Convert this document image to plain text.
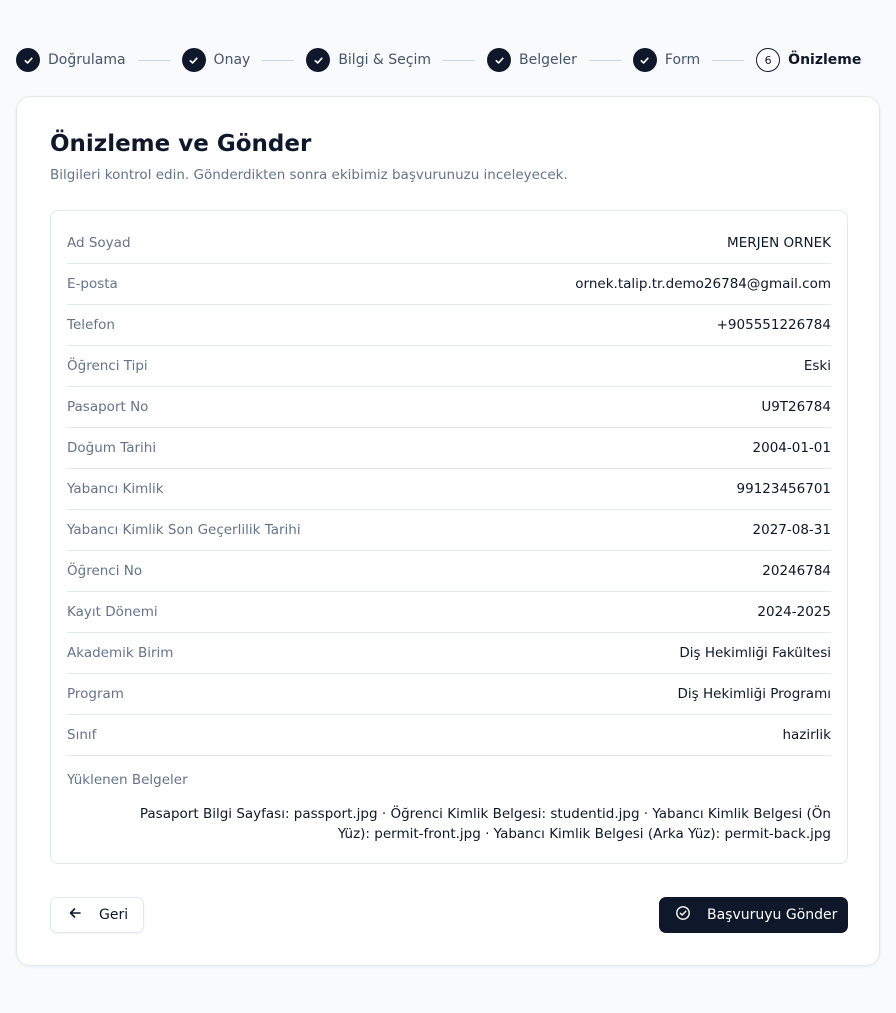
Doğrulama	Onay	Bilgi & Seçim	Belgeler	Form	6	Önizleme
Önizleme ve Gönder

Bilgileri kontrol edin. Gönderdikten sonra ekibimiz başvurunuzu inceleyecek.

Ad Soyad	MERJEN ORNEK
E-posta	ornek.talip.tr.demo26784@gmail.com
Telefon	+905551226784
Öğrenci Tipi	Eski
Pasaport No	U9T26784
Doğum Tarihi	2004-01-01
Yabancı Kimlik	99123456701
Yabancı Kimlik Son Geçerlilik Tarihi	2027-08-31
Öğrenci No	20246784
Kayıt Dönemi	2024-2025
Akademik Birim	Diş Hekimliği Fakültesi
Program	Diş Hekimliği Programı
Sınıf	hazirlik
Yüklenen Belgeler
Pasaport Bilgi Sayfası: passport.jpg · Öğrenci Kimlik Belgesi: studentid.jpg · Yabancı Kimlik Belgesi (Ön Yüz): permit-front.jpg · Yabancı Kimlik Belgesi (Arka Yüz): permit-back.jpg
Geri	Başvuruyu Gönder
